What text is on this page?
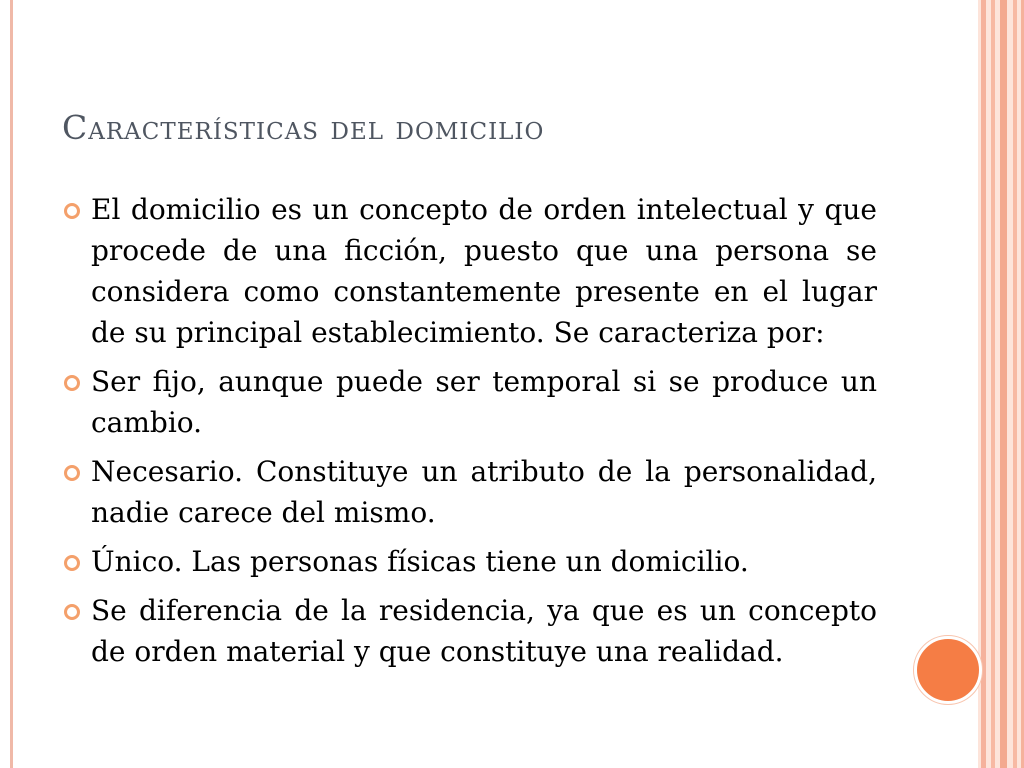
Características del domicilio
El domicilio es un concepto de orden intelectual y que procede de una ficción, puesto que una persona se considera como constantemente presente en el lugar de su principal establecimiento. Se caracteriza por:
Ser fijo, aunque puede ser temporal si se produce un cambio.
Necesario. Constituye un atributo de la personalidad, nadie carece del mismo.
Único. Las personas físicas tiene un domicilio.
Se diferencia de la residencia, ya que es un concepto de orden material y que constituye una realidad.
